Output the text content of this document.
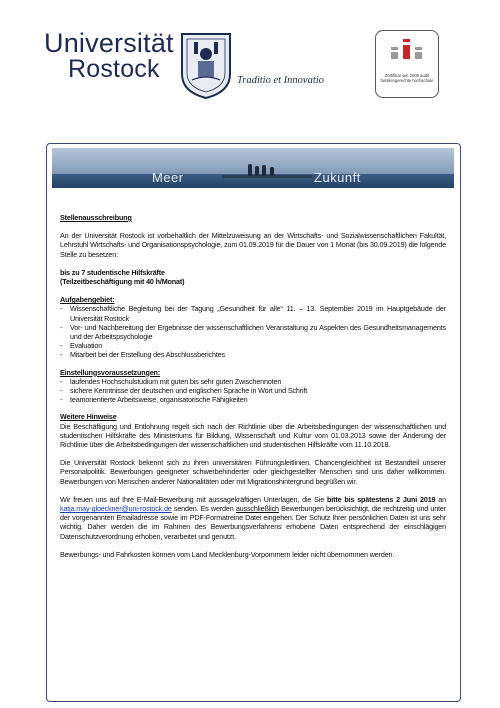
Universität
Rostock	Traditio et Innovatio	Zertifikat seit 2009 audit familiengerechte hochschule
Meer	Zukunft

Stellenausschreibung

An der Universität Rostock ist vorbehaltlich der Mittelzuweisung an der Wirtschafts- und Sozialwissenschaftlichen Fakultät, Lehrstuhl Wirtschafts- und Organisationspsychologie, zum 01.09.2019 für die Dauer von 1 Monat (bis 30.09.2019) die folgende Stelle zu besetzen:

bis zu 7 studentische Hilfskräfte

(Teilzeitbeschäftigung mit 40 h/Monat)

Aufgabengebiet:

- Wissenschaftliche Begleitung bei der Tagung „Gesundheit für alle“ 11. – 13. September 2019 im Hauptgebäude der Universität Rostock
- Vor- und Nachbereitung der Ergebnisse der wissenschaftlichen Veranstaltung zu Aspekten des Gesundheitsmanagements und der Arbeitspsychologie
- Evaluation
- Mitarbeit bei der Erstellung des Abschlussberichtes

Einstellungsvoraussetzungen:

- laufendes Hochschulstudium mit guten bis sehr guten Zwischennoten
- sichere Kenntnisse der deutschen und englischen Sprache in Wort und Schrift
- teamorientierte Arbeitsweise, organisatorische Fähigkeiten

Weitere Hinweise

Die Beschäftigung und Entlohnung regelt sich nach der Richtlinie über die Arbeitsbedingungen der wissenschaftlichen und studentischen Hilfskräfte des Ministeriums für Bildung, Wissenschaft und Kultur vom 01.03.2013 sowie der Änderung der Richtlinie über die Arbeitsbedingungen der wissenschaftlichen und studentischen Hilfskräfte vom 11.10.2018.

Die Universität Rostock bekennt sich zu ihren universitären Führungsleitlinien. Chancengleichheit ist Bestandteil unserer Personalpolitik. Bewerbungen geeigneter schwerbehinderter oder gleichgestellter Menschen sind uns daher willkommen. Bewerbungen von Menschen anderer Nationalitäten oder mit Migrationshintergrund begrüßen wir.

Wir freuen uns auf Ihre E-Mail-Bewerbung mit aussagekräftigen Unterlagen, die Sie bitte bis spätestens 2 Juni 2019 an katja.may-gloeckner@uni-rostock.de senden. Es werden ausschließlich Bewerbungen berücksichtigt, die rechtzeitig und unter der vorgenannten Emailadresse sowie im PDF-Formatreine Datei eingehen. Der Schutz Ihrer persönlichen Daten ist uns sehr wichtig. Daher werden die im Rahmen des Bewerbungsverfahrens erhobene Daten entsprechend der einschlägigen Datenschutzverordnung erhoben, verarbeitet und genutzt.

Bewerbungs- und Fahrkosten können vom Land Mecklenburg-Vorpommern leider nicht übernommen werden.
